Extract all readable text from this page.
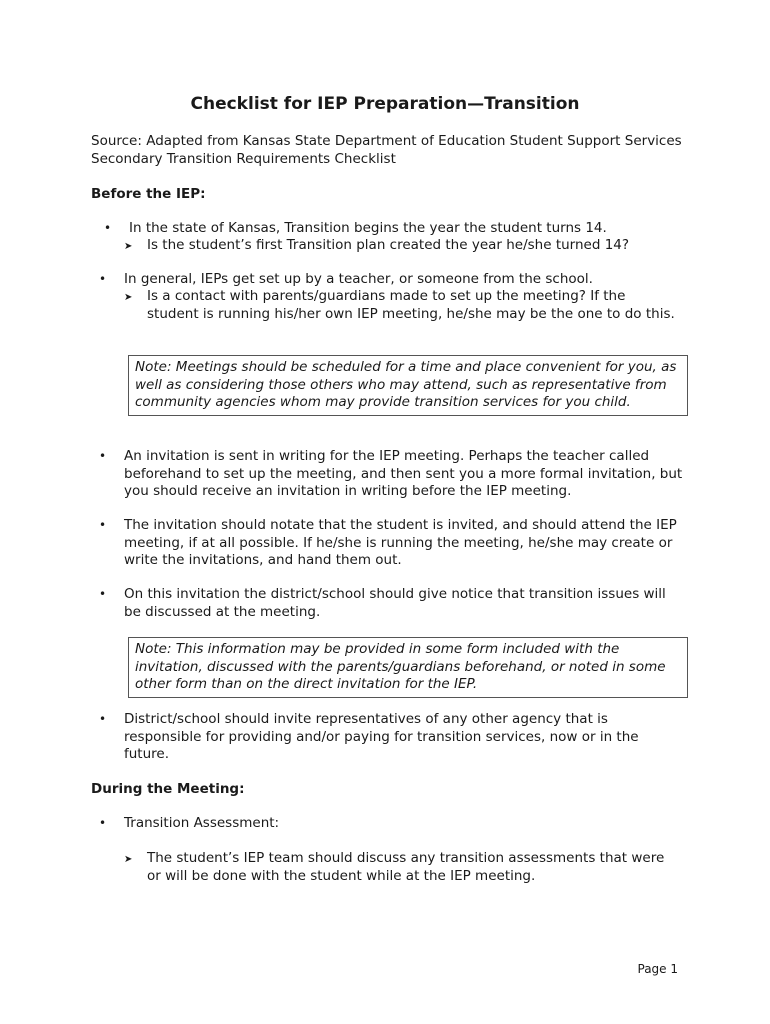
Checklist for IEP Preparation—Transition

Source: Adapted from Kansas State Department of Education Student Support Services Secondary Transition Requirements Checklist

Before the IEP:

• In the state of Kansas, Transition begins the year the student turns 14.

➤ Is the student’s first Transition plan created the year he/she turned 14?

• In general, IEPs get set up by a teacher, or someone from the school.

➤ Is a contact with parents/guardians made to set up the meeting? If the student is running his/her own IEP meeting, he/she may be the one to do this.

Note: Meetings should be scheduled for a time and place convenient for you, as well as considering those others who may attend, such as representative from community agencies whom may provide transition services for you child.

• An invitation is sent in writing for the IEP meeting. Perhaps the teacher called beforehand to set up the meeting, and then sent you a more formal invitation, but you should receive an invitation in writing before the IEP meeting.

• The invitation should notate that the student is invited, and should attend the IEP meeting, if at all possible. If he/she is running the meeting, he/she may create or write the invitations, and hand them out.

• On this invitation the district/school should give notice that transition issues will be discussed at the meeting.

Note: This information may be provided in some form included with the invitation, discussed with the parents/guardians beforehand, or noted in some other form than on the direct invitation for the IEP.

• District/school should invite representatives of any other agency that is responsible for providing and/or paying for transition services, now or in the future.

During the Meeting:

• Transition Assessment:

➤ The student’s IEP team should discuss any transition assessments that were or will be done with the student while at the IEP meeting.

Page 1
